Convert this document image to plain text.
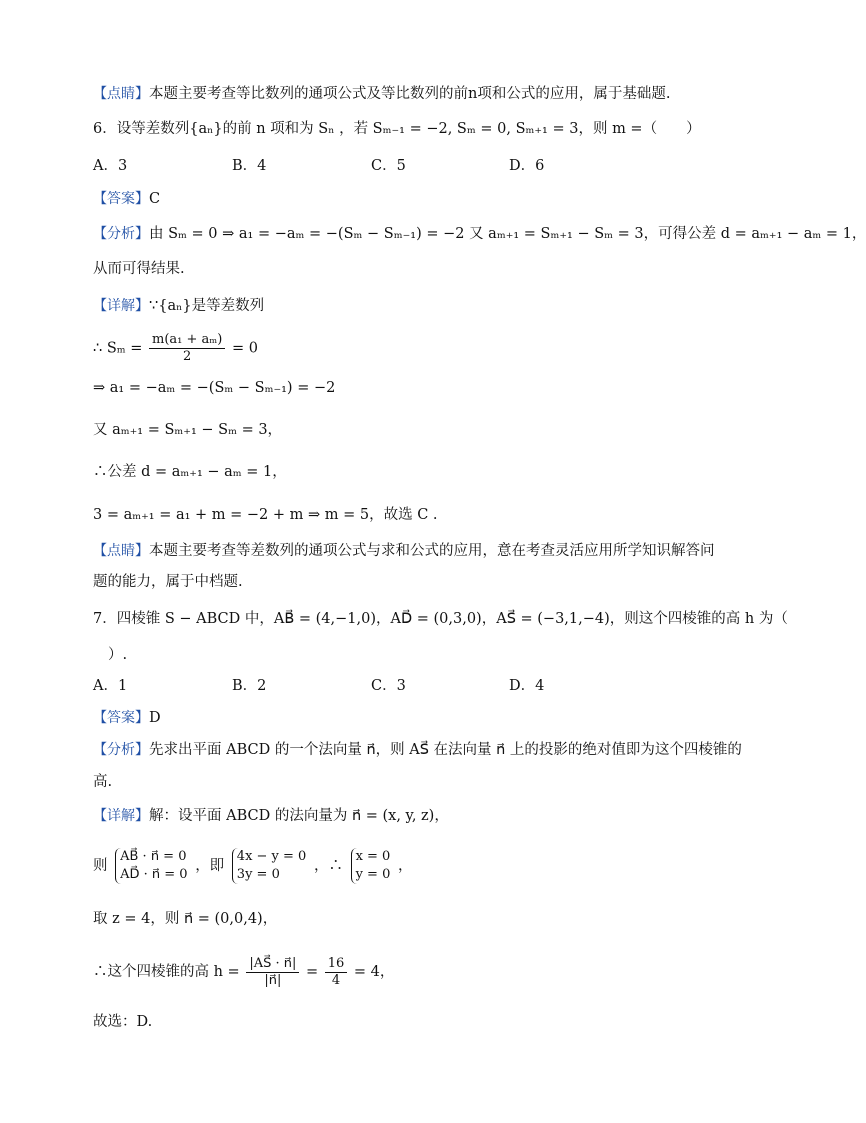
【点睛】本题主要考查等比数列的通项公式及等比数列的前n项和公式的应用，属于基础题.
6．设等差数列{aₙ}的前 n 项和为 Sₙ ，若 Sₘ₋₁ = −2, Sₘ = 0, Sₘ₊₁ = 3，则 m =（　　）
A．3	B．4	C．5	D．6
【答案】C
【分析】由 Sₘ = 0 ⇒ a₁ = −aₘ = −(Sₘ − Sₘ₋₁) = −2 又 aₘ₊₁ = Sₘ₊₁ − Sₘ = 3，可得公差 d = aₘ₊₁ − aₘ = 1，
从而可得结果.
【详解】∵{aₙ}是等差数列
∴ $S_m = \frac{\text{m(a₁ + aₘ)}}{2} = 0$
⇒ a₁ = −aₘ = −(Sₘ − Sₘ₋₁) = −2
又 aₘ₊₁ = Sₘ₊₁ − Sₘ = 3，
∴公差 d = aₘ₊₁ − aₘ = 1，
3 = aₘ₊₁ = a₁ + m = −2 + m ⇒ m = 5，故选 C .
【点睛】本题主要考查等差数列的通项公式与求和公式的应用，意在考查灵活应用所学知识解答问
题的能力，属于中档题.
7．四棱锥 S − ABCD 中，AB⃗ = (4,−1,0)，AD⃗ = (0,3,0)，AS⃗ = (−3,1,−4)，则这个四棱锥的高 h 为（
）.
A．1	B．2	C．3	D．4
【答案】D
【分析】先求出平面 ABCD 的一个法向量 n⃗，则 AS⃗ 在法向量 n⃗ 上的投影的绝对值即为这个四棱锥的
高.
【详解】解：设平面 ABCD 的法向量为 n⃗ = (x, y, z)，
则
AB⃗ · n⃗ = 0
AD⃗ · n⃗ = 0
，即
4x − y = 0
3y = 0
，∴
x = 0
y = 0
，
取 z = 4，则 n⃗ = (0,0,4)，
∴这个四棱锥的高 $h = \frac{|AS⃗ \cdot n⃗|}{|n⃗|} = \frac{16}{4} = 4$，
故选：D.
